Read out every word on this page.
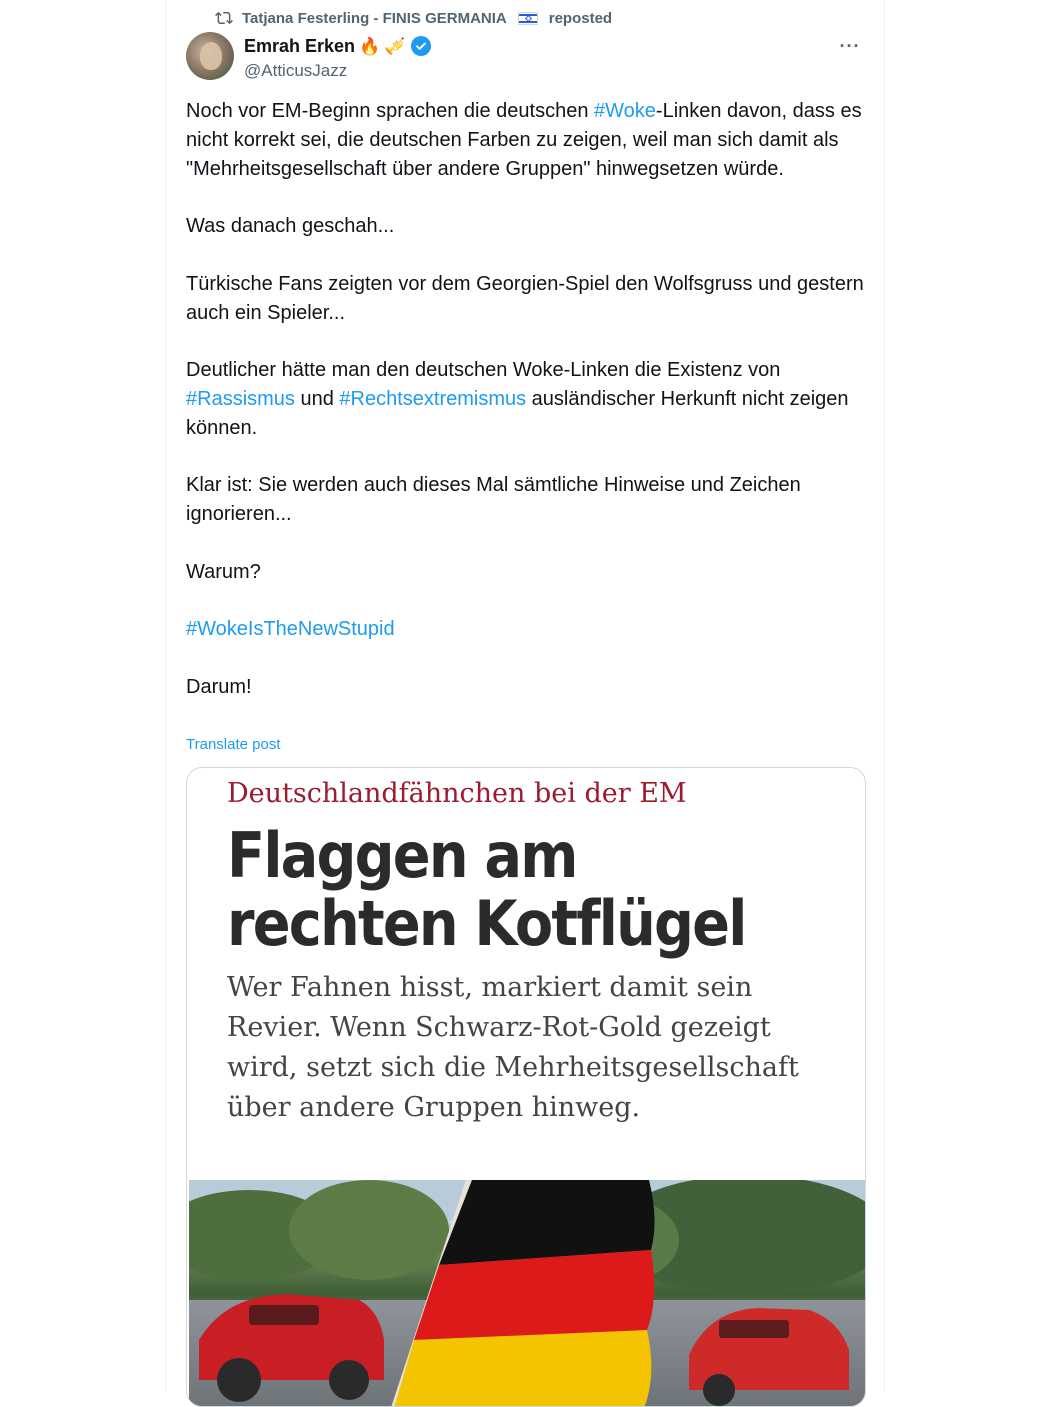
Tatjana Festerling - FINIS GERMANIA	reposted
Emrah Erken 🔥 🎺
@AtticusJazz
···

Noch vor EM-Beginn sprachen die deutschen #Woke-Linken davon, dass es nicht korrekt sei, die deutschen Farben zu zeigen, weil man sich damit als "Mehrheitsgesellschaft über andere Gruppen" hinwegsetzen würde.

Was danach geschah...

Türkische Fans zeigten vor dem Georgien-Spiel den Wolfsgruss und gestern auch ein Spieler...

Deutlicher hätte man den deutschen Woke-Linken die Existenz von #Rassismus und #Rechtsextremismus ausländischer Herkunft nicht zeigen können.

Klar ist: Sie werden auch dieses Mal sämtliche Hinweise und Zeichen ignorieren...

Warum?

#WokeIsTheNewStupid

Darum!

Translate post
Deutschlandfähnchen bei der EM
Flaggen am rechten Kotflügel
Wer Fahnen hisst, markiert damit sein Revier. Wenn Schwarz-Rot-Gold gezeigt wird, setzt sich die Mehrheitsgesellschaft über andere Gruppen hinweg.
